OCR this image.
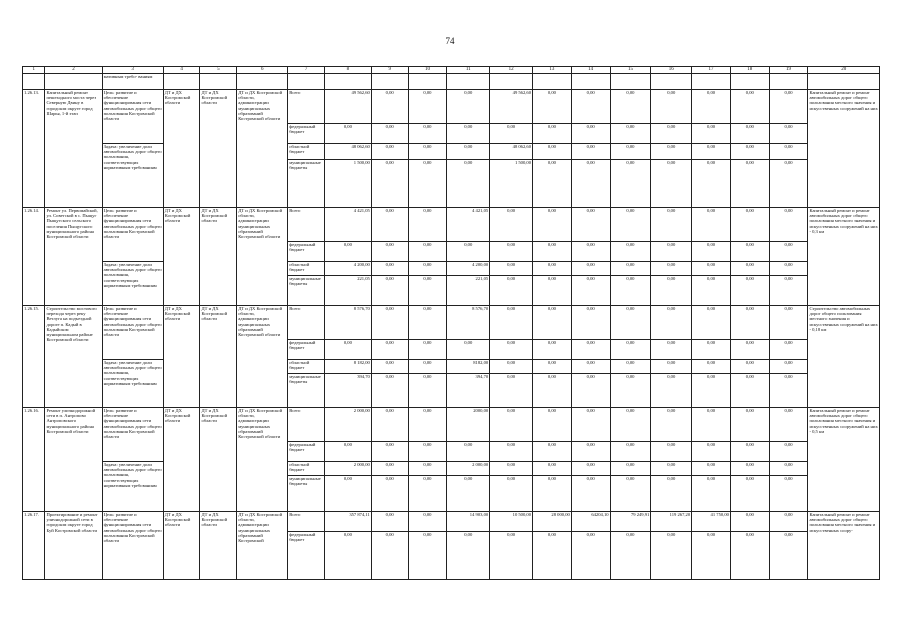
74
1	2	3	4	5	6	7	8	9	10	11	12	13	14	15	16	17	18	19	20
		мативным требо- ваниям																	
1.26.13.	Капитальный ремонт пешеходного моста через Северную Двину в городском округе город Шарья, 1-й этап	Цель: развитие и обеспечение функционирования сети автомобильных дорог общего пользования Костромской области	ДТ и ДХ Костромской области	ДТ и ДХ Костромской области	ДТ и ДХ Костромской области, администрации муниципальных образований Костромской области	Всего	49 562,60	0,00	0,00	0,00	49 562,60	0,00	0,00	0,00	0,00	0,00	0,00	0,00	Капитальный ремонт и ремонт автомобильных дорог общего пользования местного значения и искусственных сооружений на них
						федеральный бюджет	0,00	0,00	0,00	0,00	0,00	0,00	0,00	0,00	0,00	0,00	0,00	0,00	
		Задача: увеличение доли автомобильных дорог общего пользования, соответствующих нормативным требованиям				областной бюджет	48 062,60	0,00	0,00	0,00	48 062,60	0,00	0,00	0,00	0,00	0,00	0,00	0,00	
						муниципальные бюджеты	1 500,00	0,00	0,00	0,00	1 500,00	0,00	0,00	0,00	0,00	0,00	0,00	0,00	
1.26.14.	Ремонт ул. Первомайской, ул. Советской в с. Пыщуг Пыщугского сельского поселения Пыщугского муниципального района Костромской области	Цель: развитие и обеспечение функционирования сети автомобильных дорог общего пользования Костромской области	ДТ и ДХ Костромской области	ДТ и ДХ Костромской области	ДТ и ДХ Костромской области, администрации муниципальных образований Костромской области	Всего	4 421,05	0,00	0,00	4 421,05	0,00	0,00	0,00	0,00	0,00	0,00	0,00	0,00	Капитальный ремонт и ремонт автомобильных дорог общего пользования местного значения и искусственных сооружений на них - 0,3 км
						федеральный бюджет	0,00	0,00	0,00	0,00	0,00	0,00	0,00	0,00	0,00	0,00	0,00	0,00	
		Задача: увеличение доли автомобильных дорог общего пользования, соответствующих нормативным требованиям				областной бюджет	4 200,00	0,00	0,00	4 200,00	0,00	0,00	0,00	0,00	0,00	0,00	0,00	0,00	
						муниципальные бюджеты	221,05	0,00	0,00	221,05	0,00	0,00	0,00	0,00	0,00	0,00	0,00	0,00	
1.26.15.	Строительство мостового перехода через реку Ветлуга на подъездной дороге п. Кадый в Кадыйском муниципальном районе Костромской области	Цель: развитие и обеспечение функционирования сети автомобильных дорог общего пользования Костромской области	ДТ и ДХ Костромской области	ДТ и ДХ Костромской области	ДТ и ДХ Костромской области, администрации муниципальных образований Костромской области	Всего	8 576,70	0,00	0,00	8 576,70	0,00	0,00	0,00	0,00	0,00	0,00	0,00	0,00	Строительство автомобильных дорог общего пользования местного значения и искусственных сооружений на них - 0,18 км
						федеральный бюджет	0,00	0,00	0,00	0,00	0,00	0,00	0,00	0,00	0,00	0,00	0,00	0,00	
		Задача: увеличение доли автомобильных дорог общего пользования, соответствующих нормативным требованиям				областной бюджет	8 182,00	0,00	0,00	8182,00	0,00	0,00	0,00	0,00	0,00	0,00	0,00	0,00	
						муниципальные бюджеты	394,70	0,00	0,00	394,70	0,00	0,00	0,00	0,00	0,00	0,00	0,00	0,00	
1.26.16.	Ремонт уличнодорожной сети в п. Антропово Антроповского муниципального района Костромской области	Цель: развитие и обеспечение функционирования сети автомобильных дорог общего пользования Костромской области	ДТ и ДХ Костромской области	ДТ и ДХ Костромской области	ДТ и ДХ Костромской области, администрации муниципальных образований Костромской области	Всего	2 000,00	0,00	0,00	2000,00	0,00	0,00	0,00	0,00	0,00	0,00	0,00	0,00	Капитальный ремонт и ремонт автомобильных дорог общего пользования местного значения и искусственных сооружений на них - 0,5 км
						федеральный бюджет	0,00	0,00	0,00	0,00	0,00	0,00	0,00	0,00	0,00	0,00	0,00	0,00	
		Задача: увеличение доли автомобильных дорог общего пользования, соответствующих нормативным требованиям				областной бюджет	2 000,00	0,00	0,00	2 000,00	0,00	0,00	0,00	0,00	0,00	0,00	0,00	0,00	
						муниципальные бюджеты	0,00	0,00	0,00	0,00	0,00	0,00	0,00	0,00	0,00	0,00	0,00	0,00	
1.26.17.	Проектирование и ремонт уличнодорожной сети в городском округе город Буй Костромской области	Цель: развитие и обеспечение функционирования сети автомобильных дорог общего пользования Костромской области	ДТ и ДХ Костромской области	ДТ и ДХ Костромской области	ДТ и ДХ Костромской области, администрации муниципальных образований Костромской	Всего	357 874,11	0,00	0,00	14 903,00	10 500,00	28 000,00	64204,10	79 249,91	119 267,20	41 750,00	0,00	0,00	Капитальный ремонт и ремонт автомобильных дорог общего пользования местного значения и искусственных соору-
						федеральный бюджет	0,00	0,00	0,00	0,00	0,00	0,00	0,00	0,00	0,00	0,00	0,00	0,00	
